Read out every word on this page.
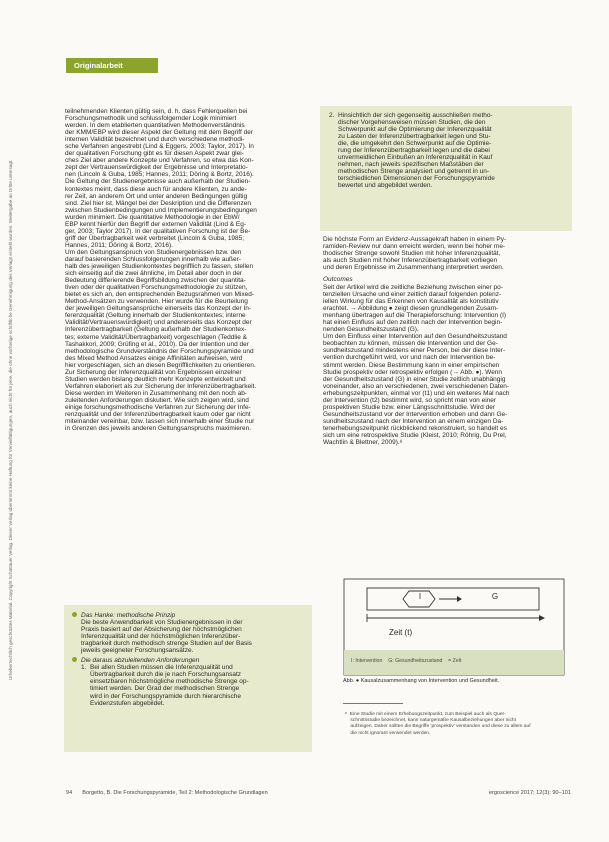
Urheberrechtlich geschütztes Material. Copyright Schattauer Verlag. Dieser Verlag übernimmt keine Haftung für Vervielfältigungen, auch nicht für jene, die ohne vorherige schriftliche Genehmigung des Verlags erstellt wurden. Weitergabe an Dritte untersagt.
Originalarbeit
teilnehmenden Klienten gültig sein, d. h. dass Fehlerquellen bei
Forschungsmethodik und schlussfolgernder Logik minimiert
werden. In dem etablierten quantitativen Methodenverständnis
der KMM/EBP wird dieser Aspekt der Geltung mit dem Begriff der
internen Validität bezeichnet und durch verschiedene methodi-
sche Verfahren angestrebt (Lind & Eggers, 2003; Taylor, 2017). In
der qualitativen Forschung gibt es für diesen Aspekt zwar glei-
ches Ziel aber andere Konzepte und Verfahren, so etwa das Kon-
zept der Vertrauenswürdigkeit der Ergebnisse und Interpretatio-
nen (Lincoln & Guba, 1985; Hannes, 2011; Döring & Bortz, 2016).
Die Geltung der Studienergebnisse auch außerhalb der Studien-
kontextes meint, dass diese auch für andere Klienten, zu ande-
rer Zeit, an anderem Ort und unter anderen Bedingungen gültig
sind. Ziel hier ist, Mängel bei der Deskription und die Differenzen
zwischen Studienbedingungen und Implementierungsbedingungen
wurden minimiert. Die quantitative Methodologie in der EbW/
EBP kennt hierfür den Begriff der externen Validität (Lind & Eg-
ger, 2003; Taylor 2017). In der qualitativen Forschung ist der Be-
griff der Übertragbarkeit weit verbreitet (Lincoln & Guba, 1985;
Hannes, 2011; Döring & Bortz, 2016).
Um den Geltungsanspruch von Studienergebnissen bzw. den
darauf basierenden Schlussfolgerungen innerhalb wie außer-
halb des jeweiligen Studienkontextes begrifflich zu fassen, stellen
sich einseitig auf die zwei ähnliche, im Detail aber doch in der
Bedeutung differierende Begriffsbildung zwischen der quantita-
tiven oder der qualitativen Forschungsmethodologie zu stützen,
bietet es sich an, den entsprechenden Bezugsrahmen von Mixed-
Method-Ansätzen zu verwenden. Hier wurde für die Beurteilung
der jeweiligen Geltungsansprüche einerseits das Konzept der In-
ferenzqualität (Geltung innerhalb der Studienkontextes; interne
Validität/Vertrauenswürdigkeit) und andererseits das Konzept der
Inferenzübertragbarkeit (Geltung außerhalb der Studienkontex-
tes; externe Validität/Übertragbarkeit) vorgeschlagen (Teddlie &
Tashakkori, 2009; Grüfing et al., 2010). Da der Intention und der
methodologische Grundverständnis der Forschungspyramide und
des Mixed Method Ansatzes einige Affinitäten aufweisen, wird
hier vorgeschlagen, sich an diesen Begrifflichkeiten zu orientieren.
Zur Sicherung der Inferenzqualität von Ergebnissen einzelner
Studien werden bislang deutlich mehr Konzepte entwickelt und
Verfahren elaboriert als zur Sicherung der Inferenzübertragbarkeit.
Diese werden im Weiteren in Zusammenhang mit den noch ab-
zuleitenden Anforderungen diskutiert. Wie sich zeigen wird, sind
einige forschungsmethodische Verfahren zur Sicherung der Infe-
renzqualität und der Inferenzübertragbarkeit kaum oder gar nicht
miteinander vereinbar, bzw. lassen sich innerhalb einer Studie nur
in Grenzen des jeweils anderen Geltungsanspruchs maximieren.
Das Hanke: methodische Prinzip
Die beste Anwendbarkeit von Studienergebnissen in der
Praxis basiert auf der Absicherung der höchstmöglichen
Inferenzqualität und der höchstmöglichen Inferenzüber-
tragbarkeit durch methodisch strenge Studien auf der Basis
jeweils geeigneter Forschungsansätze.
Die daraus abzuleitenden Anforderungen
1.  Bei allen Studien müssen die Inferenzqualität und
Übertragbarkeit durch die je nach Forschungsansatz
einsetzbaren höchstmögliche methodische Strenge op-
timiert werden. Der Grad der methodischen Strenge
wird in der Forschungspyramide durch hierarchische
Evidenzstufen abgebildet.
2.  Hinsichtlich der sich gegenseitig ausschließen metho-
discher Vorgehensweisen müssen Studien, die den
Schwerpunkt auf die Optimierung der Inferenzqualität
zu Lasten der Inferenzübertragbarkeit legen und Stu-
die, die umgekehrt den Schwerpunkt auf die Optimie-
rung der Inferenzübertragbarkeit legen und die dabei
unvermeidlichen Einbußen an Inferenzqualität in Kauf
nehmen, nach jeweils spezifischen Maßstäben der
methodischen Strenge analysiert und getrennt in un-
terschiedlichen Dimensionen der Forschungspyramide
bewertet und abgebildet werden.
Die höchste Form an Evidenz-Aussagekraft haben in einem Py-
ramiden-Review nur dann erreicht werden, wenn bei hoher me-
thodischer Strenge sowohl Studien mit hoher Inferenzqualität,
als auch Studien mit hoher Inferenzübertragbarkeit vorliegen
und deren Ergebnisse im Zusammenhang interpretiert werden.
Outcomes
Seit der Artikel wird die zeitliche Beziehung zwischen einer po-
tenziellen Ursache und einer zeitlich darauf folgenden potenz-
iellen Wirkung für das Erkennen von Kausalität als konstitutiv
erachtet. → Abbildung ● zeigt diesen grundlegenden Zusam-
menhang übertragen auf die Therapieforschung: Intervention (I)
hat einen Einfluss auf den zeitlich nach der Intervention begin-
nenden Gesundheitszustand (G).
Um den Einfluss einer Intervention auf den Gesundheitszustand
beobachten zu können, müssen die Intervention und der Ge-
sundheitszustand mindestens einer Person, bei der diese Inter-
vention durchgeführt wird, vor und nach der Intervention be-
stimmt werden. Diese Bestimmung kann in einer empirischen
Studie prospektiv oder retrospektiv erfolgen (→ Abb. ●). Wenn
der Gesundheitszustand (G) in einer Studie zeitlich unabhängig
voneinander, also an verschiedenen, zwei verschiedenen Daten-
erhebungszeitpunkten, einmal vor (t1) und ein weiteres Mal nach
der Intervention (t2) bestimmt wird, so spricht man von einer
prospektiven Studie bzw. einer Längsschnittstudie. Wird der
Gesundheitszustand vor der Intervention erhoben und dann Ge-
sundheitszustand nach der Intervention an einem einzigen Da-
tenerhebungszeitpunkt rückblickend rekonstruiert, so handelt es
sich um eine retrospektive Studie (Kleist, 2010; Röhrig, Du Prel,
Wachtlin & Blettner, 2009).⁸
I	G
Zeit (t)
I: Intervention    G: Gesundheitszustand    = Zeit
Abb. ● Kausalzusammenhang von Intervention und Gesundheit.
⁸  Eine Studie mit einem Erhebungszeitpunkt, zum Beispiel auch als Quer-
schnittsstudie bezeichnet, kann naturgemäße Kausalbeziehungen aber nicht
aufzeigen. Daher sollten die Begriffe 'prospektiv' verstanden und diese zu allem auf
die nicht ignorant verwendet werden.
94 Borgetto, B. Die Forschungspyramide, Teil 2: Methodologische Grundlagen	ergoscience 2017; 12(3): 90–101
